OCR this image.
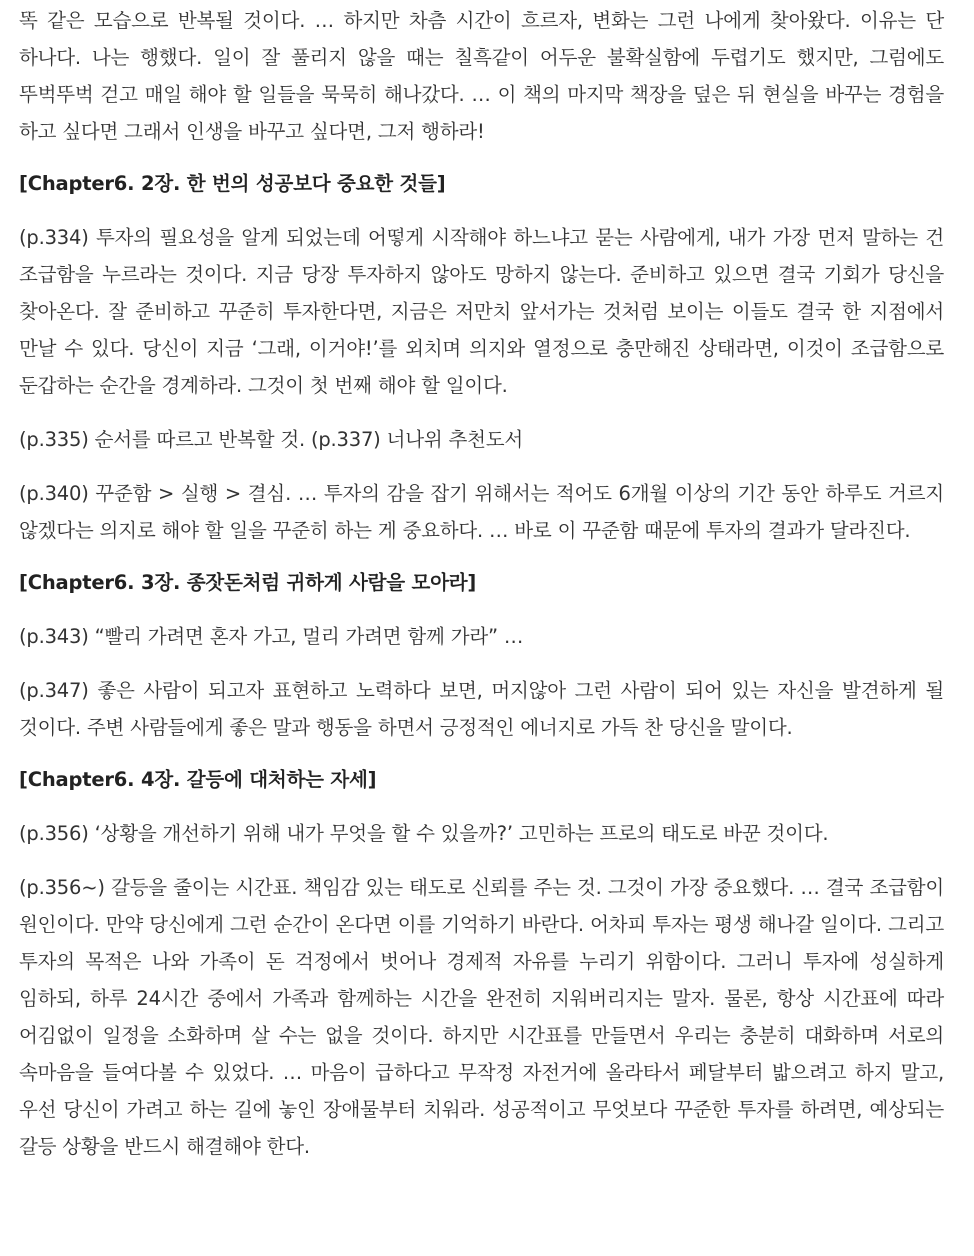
똑 같은 모습으로 반복될 것이다. … 하지만 차츰 시간이 흐르자, 변화는 그런 나에게 찾아왔다. 이유는 단 하나다. 나는 행했다. 일이 잘 풀리지 않을 때는 칠흑같이 어두운 불확실함에 두렵기도 했지만, 그럼에도 뚜벅뚜벅 걷고 매일 해야 할 일들을 묵묵히 해나갔다. … 이 책의 마지막 책장을 덮은 뒤 현실을 바꾸는 경험을 하고 싶다면 그래서 인생을 바꾸고 싶다면, 그저 행하라!

[Chapter6. 2장. 한 번의 성공보다 중요한 것들]

(p.334) 투자의 필요성을 알게 되었는데 어떻게 시작해야 하느냐고 묻는 사람에게, 내가 가장 먼저 말하는 건 조급함을 누르라는 것이다. 지금 당장 투자하지 않아도 망하지 않는다. 준비하고 있으면 결국 기회가 당신을 찾아온다. 잘 준비하고 꾸준히 투자한다면, 지금은 저만치 앞서가는 것처럼 보이는 이들도 결국 한 지점에서 만날 수 있다. 당신이 지금 ‘그래, 이거야!’를 외치며 의지와 열정으로 충만해진 상태라면, 이것이 조급함으로 둔갑하는 순간을 경계하라. 그것이 첫 번째 해야 할 일이다.

(p.335) 순서를 따르고 반복할 것. (p.337) 너나위 추천도서

(p.340) 꾸준함 > 실행 > 결심. … 투자의 감을 잡기 위해서는 적어도 6개월 이상의 기간 동안 하루도 거르지 않겠다는 의지로 해야 할 일을 꾸준히 하는 게 중요하다. … 바로 이 꾸준함 때문에 투자의 결과가 달라진다.

[Chapter6. 3장. 종잣돈처럼 귀하게 사람을 모아라]

(p.343) “빨리 가려면 혼자 가고, 멀리 가려면 함께 가라” …

(p.347) 좋은 사람이 되고자 표현하고 노력하다 보면, 머지않아 그런 사람이 되어 있는 자신을 발견하게 될 것이다. 주변 사람들에게 좋은 말과 행동을 하면서 긍정적인 에너지로 가득 찬 당신을 말이다.

[Chapter6. 4장. 갈등에 대처하는 자세]

(p.356) ‘상황을 개선하기 위해 내가 무엇을 할 수 있을까?’ 고민하는 프로의 태도로 바꾼 것이다.

(p.356~) 갈등을 줄이는 시간표. 책임감 있는 태도로 신뢰를 주는 것. 그것이 가장 중요했다. … 결국 조급함이 원인이다. 만약 당신에게 그런 순간이 온다면 이를 기억하기 바란다. 어차피 투자는 평생 해나갈 일이다. 그리고 투자의 목적은 나와 가족이 돈 걱정에서 벗어나 경제적 자유를 누리기 위함이다. 그러니 투자에 성실하게 임하되, 하루 24시간 중에서 가족과 함께하는 시간을 완전히 지워버리지는 말자. 물론, 항상 시간표에 따라 어김없이 일정을 소화하며 살 수는 없을 것이다. 하지만 시간표를 만들면서 우리는 충분히 대화하며 서로의 속마음을 들여다볼 수 있었다. … 마음이 급하다고 무작정 자전거에 올라타서 페달부터 밟으려고 하지 말고, 우선 당신이 가려고 하는 길에 놓인 장애물부터 치워라. 성공적이고 무엇보다 꾸준한 투자를 하려면, 예상되는 갈등 상황을 반드시 해결해야 한다.
